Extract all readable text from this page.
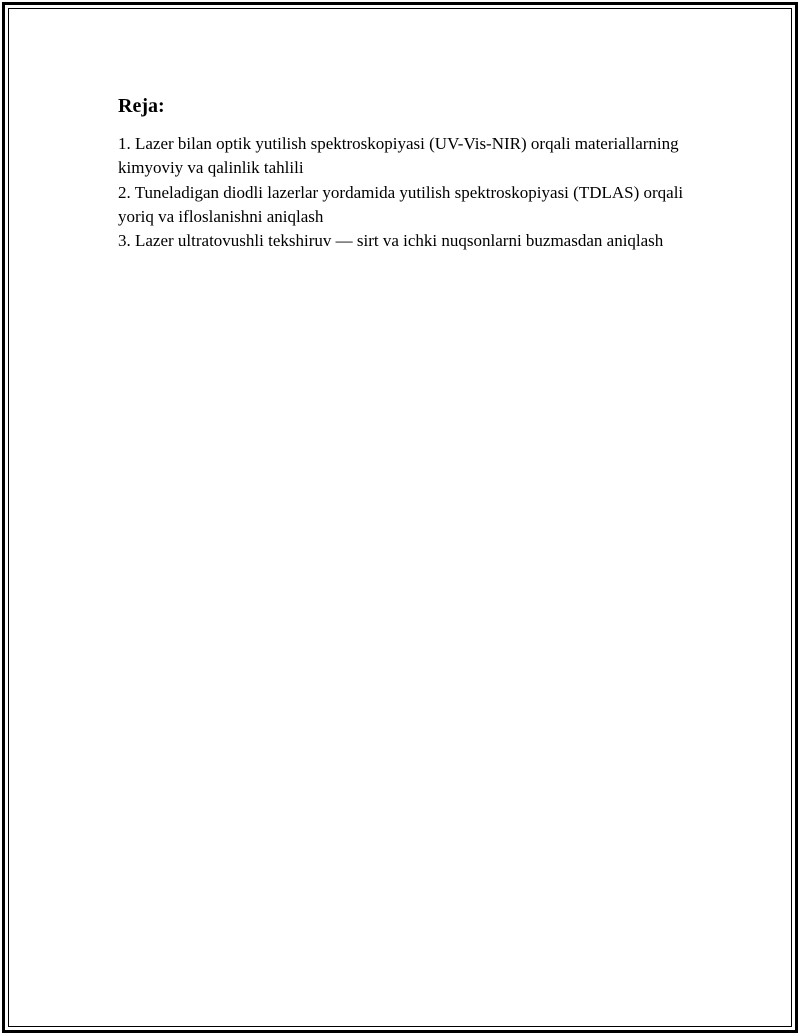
Reja:

1. Lazer bilan optik yutilish spektroskopiyasi (UV-Vis-NIR) orqali materiallarning kimyoviy va qalinlik tahlili

2. Tuneladigan diodli lazerlar yordamida yutilish spektroskopiyasi (TDLAS) orqali yoriq va ifloslanishni aniqlash

3. Lazer ultratovushli tekshiruv — sirt va ichki nuqsonlarni buzmasdan aniqlash
